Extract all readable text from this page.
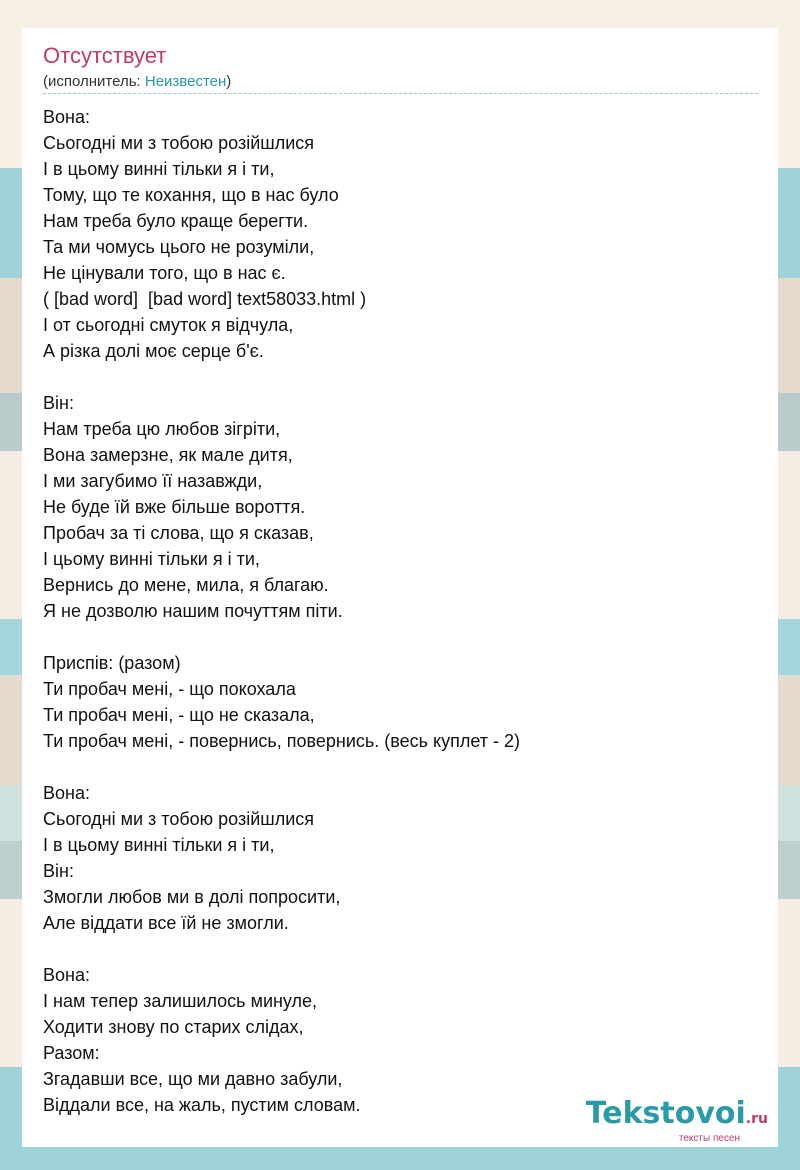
Отсутствует
(исполнитель: Неизвестен)
Вона:
Сьогодні ми з тобою розійшлися
І в цьому винні тільки я і ти,
Тому, що те кохання, що в нас було
Нам треба було краще берегти.
Та ми чомусь цього не розуміли,
Не цінували того, що в нас є.
( [bad word]  [bad word] text58033.html )
І от сьогодні смуток я відчула,
А різка долі моє серце б'є.
Він:
Нам треба цю любов зігріти,
Вона замерзне, як мале дитя,
І ми загубимо її назавжди,
Не буде їй вже більше вороття.
Пробач за ті слова, що я сказав,
І цьому винні тільки я і ти,
Вернись до мене, мила, я благаю.
Я не дозволю нашим почуттям піти.
Приспів: (разом)
Ти пробач мені, - що покохала
Ти пробач мені, - що не сказала,
Ти пробач мені, - повернись, повернись. (весь куплет - 2)
Вона:
Сьогодні ми з тобою розійшлися
І в цьому винні тільки я і ти,
Він:
Змогли любов ми в долі попросити,
Але віддати все їй не змогли.
Вона:
І нам тепер залишилось минуле,
Ходити знову по старих слідах,
Разом:
Згадавши все, що ми давно забули,
Віддали все, на жаль, пустим словам.	Tekstovoi.ru
тексты песен
